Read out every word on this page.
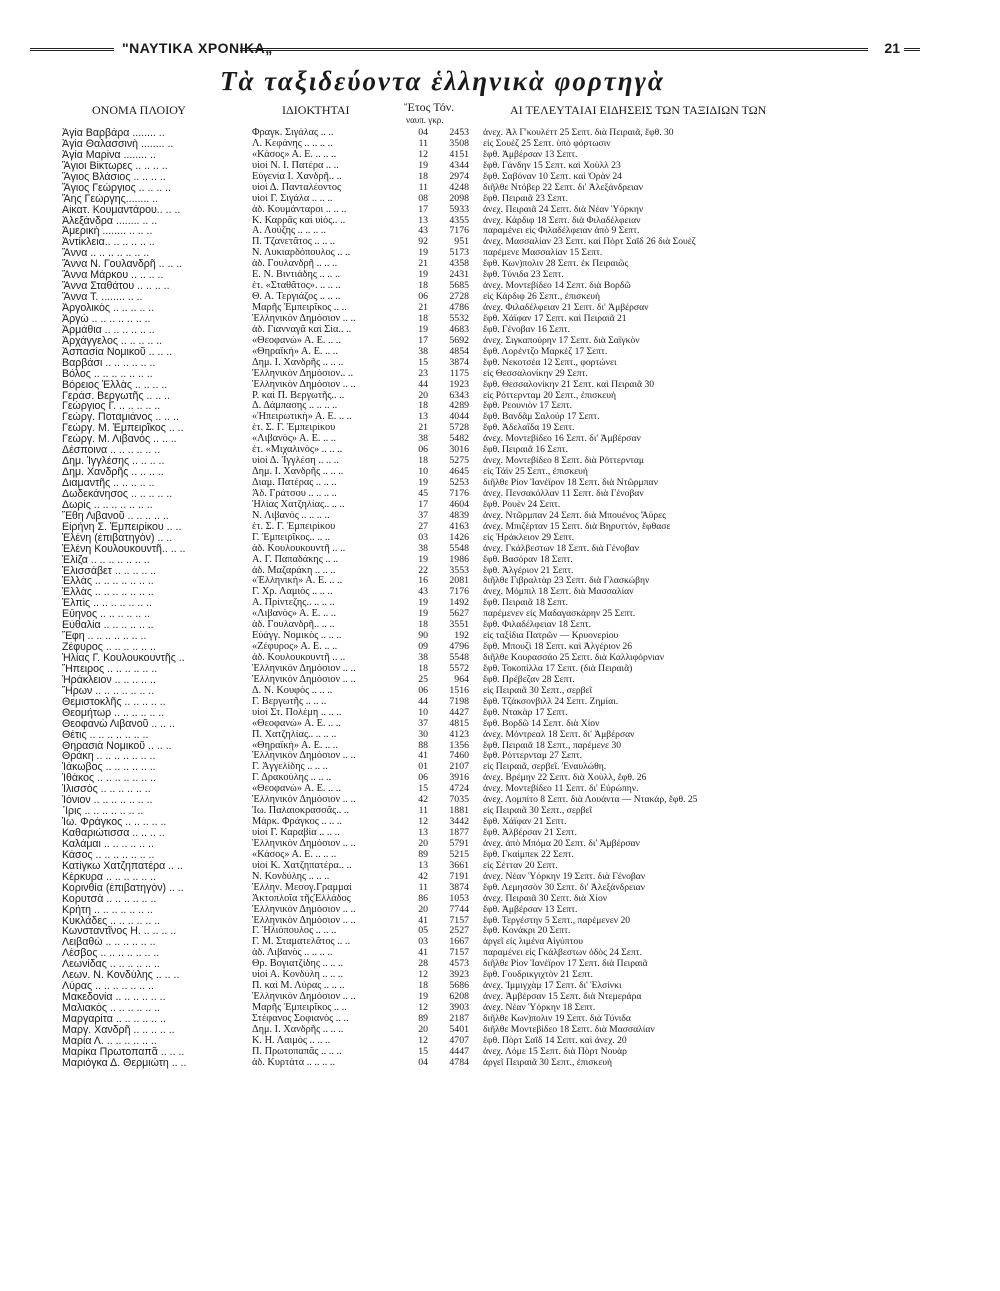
"ΝΑΥΤΙΚΑ ΧΡΟΝΙΚΑ„	21
Τὰ ταξιδεύοντα ἑλληνικὰ φορτηγὰ
ΟΝΟΜΑ ΠΛΟΙΟΥ	ΙΔΙΟΚΤΗΤΑΙ	Ἔτος Τόν.
ναυπ. γκρ.
ΑΙ ΤΕΛΕΥΤΑΙΑΙ ΕΙΔΗΣΕΙΣ ΤΩΝ ΤΑΞΙΔΙΩΝ ΤΩΝ
Ἁγία Βαρβάρα ........ ..	Φραγκ. Σιγάλας .. ..	04	2453 ἀνεχ. Ἀλ Γ'κουλέττ 25 Σεπτ. διὰ Πειραιᾶ, ἔφθ. 30
Ἁγία Θαλασσινὴ ........ ..	Λ. Κεφάνης .. .. .. ..	11	3508 εἰς Σουὲζ 25 Σεπτ. ὑπὸ φόρτωσιν
Ἁγία Μαρίνα ........ ..	«Κάσος» Α. Ε. .. .. ..	12	4151 ἔφθ. Ἀμβέρσαν 13 Σεπτ.
Ἅγιοι Βίκτωρες .. .. .. ..	υἱοὶ Ν. Ι. Πατέρα .. ..	19	4344 ἔφθ. Γάνδην 15 Σεπτ. καὶ Χοὺλλ 23
Ἅγιος Βλάσιος .. .. .. ..	Εὐγενία Ι. Χανδρῆ.. ..	18	2974 ἔφθ. Σαβόναν 10 Σεπτ. καὶ Ὀρὰν 24
Ἅγιος Γεώργιος .. .. .. ..	υἱοὶ Δ. Πανταλέοντος	11	4248 διῆλθε Ντόβερ 22 Σεπτ. δι' Ἀλεξάνδρειαν
Ἅης Γεώργης........ ..	υἱοὶ Γ. Σιγάλα .. .. ..	08	2098 ἔφθ. Πειραιᾶ 23 Σεπτ.
Αἰκατ. Κουμαντάρου.. .. ..	ἀδ. Κουμάνταροι .. .. ..	17	5933 ἀνεχ. Πειραιᾶ 24 Σεπτ. διὰ Νέαν Ὑόρκην
Ἀλεξάνδρα ........ .. ..	Κ. Καρρᾶς καὶ υἱὸς.. ..	13	4355 ἀνεχ. Κάρδιφ 18 Σεπτ. διὰ Φιλαδέλφειαν
Ἀμερικὴ ........ .. .. ..	Α. Λούζης .. .. .. ..	43	7176 παραμένει εἰς Φιλαδέλφειαν ἀπὸ 9 Σεπτ.
Ἀντίκλεια.. .. .. .. .. ..	Π. Τζανετᾶτος .. .. ..	92	951 ἀνεχ. Μασσαλίαν 23 Σεπτ. καὶ Πὸρτ Σαῒδ 26 διὰ Σουὲζ
Ἄννα .. .. .. .. .. .. ..	Ν. Λυκιαρδόπουλος .. ..	19	5173 παρέμενε Μασσαλίαν 15 Σεπτ.
Ἄννα Ν. Γουλανδρῆ .. .. ..	ἀδ. Γουλανδρῆ .. .. ..	21	4358 ἔφθ. Κων)πολιν 28 Σεπτ. ἐκ Πειραιῶς
Ἄννα Μάρκου .. .. .. ..	Ε. Ν. Βιντιάδης .. .. ..	19	2431 ἔφθ. Τύνιδα 23 Σεπτ.
Ἄννα Σταθάτου .. .. .. ..	ἑτ. «Σταθᾶτος». .. .. ..	18	5685 ἀνεχ. Μοντεβίδεο 14 Σεπτ. διὰ Βορδῶ
Ἄννα Τ. ........ .. ..	Θ. Α. Τεργιάζος .. .. ..	06	2728 εἰς Κάρδιφ 26 Σεπτ., ἐπισκευὴ
Ἀργολικὸς .. .. .. .. ..	Μαρῆς Ἐμπειρῖκος .. ..	21	4786 ἀνεχ. Φιλαδέλφειαν 21 Σεπτ. δι' Ἀμβέρσαν
Ἀργὼ .. .. .. .. .. .. ..	Ἑλληνικὸν Δημόσιον .. ..	18	5532 ἔφθ. Χάϊφαν 17 Σεπτ. καὶ Πειραιᾶ 21
Ἁρμάθια .. .. .. .. .. ..	ἀδ. Γιανναγᾶ καὶ Σία.. ..	19	4683 ἔφθ. Γένοβαν 16 Σεπτ.
Ἀρχάγγελος .. .. .. .. ..	«Θεοφανὼ» Α. Ε. .. ..	17	5692 ἀνεχ. Σιγκαπούρην 17 Σεπτ. διὰ Σαϊγκὸν
Ἀσπασία Νομικοῦ .. .. ..	«Θηραϊκὴ» Α. Ε. .. ..	38	4854 ἔφθ. Λορέντζο Μαρκὲζ 17 Σεπτ.
Βαρβάσι .. .. .. .. .. ..	Δημ. Ι. Χανδρῆς .. .. ..	15	3874 ἔφθ. Νεκοτσέα 12 Σεπτ., φορτώνει
Βόλος .. .. .. .. .. .. ..	Ἑλληνικὸν Δημόσιον.. ..	23	1175 εἰς Θεσσαλονίκην 29 Σεπτ.
Βόρειος Ἑλλὰς .. .. .. ..	Ἑλληνικὸν Δημόσιον .. ..	44	1923 ἔφθ. Θεσσαλονίκην 21 Σεπτ. καὶ Πειραιᾶ 30
Γεράσ. Βεργωτῆς .. .. ..	Ρ. καὶ Π. Βεργωτῆς.. ..	20	6343 εἰς Ρόττερνταμ 20 Σεπτ., ἐπισκευὴ
Γεώργιος Γ. .. .. .. .. ..	Δ. Δάμπασης .. .. .. ..	18	4289 ἔφθ. Ρεουνιὸν 17 Σεπτ.
Γεώργ. Ποταμιάνος .. .. ..	«Ἠπειρωτικὴ» Α. Ε. .. ..	13	4044 ἔφθ. Βανδᾶμ Σαλούρ 17 Σεπτ.
Γεώργ. Μ. Ἐμπειρῖκος .. ..	ἑτ. Σ. Γ. Ἐμπειρίκου	21	5728 ἔφθ. Ἀδελαΐδα 19 Σεπτ.
Γεώργ. Μ. Λιβανὸς .. .. ..	«Λιβανὸς» Α. Ε. .. ..	38	5482 ἀνεχ. Μοντεβίδεο 16 Σεπτ. δι' Ἀμβέρσαν
Δέσποινα .. .. .. .. .. ..	ἑτ. «Μιχαλινὸς» .. .. ..	06	3016 ἔφθ. Πειραιᾶ 16 Σεπτ.
Δημ. Ἰγγλέσης .. .. .. ..	υἱοὶ Δ. Ἰγγλέση .. .. ..	18	5275 ἀνεχ. Μοντεβίδεο 8 Σεπτ. διὰ Ρόττερνταμ
Δημ. Χανδρῆς .. .. .. ..	Δημ. Ι. Χανδρῆς .. .. ..	10	4645 εἰς Τάϊν 25 Σεπτ., ἐπισκευὴ
Διαμαντῆς .. .. .. .. ..	Διαμ. Πατέρας .. .. ..	19	5253 διῆλθε Ρίον Ἰανέϊρον 18 Σεπτ. διὰ Ντῶρμπαν
Δωδεκάνησος .. .. .. .. ..	Ἀδ. Γράτσου .. .. .. ..	45	7176 ἀνεχ. Πενσακόλλαν 11 Σεπτ. διὰ Γένοβαν
Δωρὶς .. .. .. .. .. .. ..	Ἠλίας Χατζηλίας.. .. ..	17	4604 ἔφθ. Ρουὲν 24 Σεπτ.
Ἔθη Λιβανοῦ .. .. .. .. ..	Ν. Λιβανὸς .. .. .. ..	37	4839 ἀνεχ. Ντῶρμπαν 24 Σεπτ. διὰ Μπουένος Ἄϋρες
Εἰρήνη Σ. Ἐμπειρίκου .. ..	ἑτ. Σ. Γ. Ἐμπειρίκου	27	4163 ἀνεχ. Μπιζέρταν 15 Σεπτ. διὰ Βηρυττόν, ἔφθασε
Ἑλένη (ἐπιβατηγὸν) .. ..	Γ. Ἐμπειρῖκος.. .. ..	03	1426 εἰς Ἡράκλειον 29 Σεπτ.
Ἑλένη Κουλουκουντῆ.. .. ..	ἀδ. Κουλουκουντῆ .. ..	38	5548 ἀνεχ. Γκάλβεστων 18 Σεπτ. διὰ Γένοβαν
Ἑλίζα .. .. .. .. .. .. ..	Α. Γ. Παπαδάκης .. ..	19	1986 ἔφθ. Βασόραν 18 Σεπτ.
Ἑλισσάβετ .. .. .. .. ..	ἀδ. Μαζαράκη .. .. ..	22	3553 ἔφθ. Ἀλγέριον 21 Σεπτ.
Ἑλλὰς .. .. .. .. .. .. ..	«Ἑλληνικὴ» Α. Ε. .. ..	16	2081 διῆλθε Γιβραλτὰρ 23 Σεπτ. διὰ Γλασκώβην
Ἑλλὰς .. .. .. .. .. .. ..	Γ. Χρ. Λαμιὸς .. .. ..	43	7176 ἀνεχ. Μόμπιλ 18 Σεπτ. διὰ Μασσαλίαν
Ἐλπὶς .. .. .. .. .. .. ..	Α. Πρίντεζης.. .. .. ..	19	1492 ἔφθ. Πειραιᾶ 18 Σεπτ.
Εὔηνος .. .. .. .. .. ..	«Λιβανὸς» Α. Ε. .. ..	19	5627 παρέμενεν εἰς Μαδαγασκάρην 25 Σεπτ.
Εὐθαλία .. .. .. .. .. ..	ἀδ. Γουλανδρῆ.. .. ..	18	3551 ἔφθ. Φιλαδέλφειαν 18 Σεπτ.
Ἔφη .. .. .. .. .. .. ..	Εὐάγγ. Νομικὸς .. .. ..	90	192 εἰς ταξίδια Πατρῶν — Κρυονερίου
Ζέφυρος .. .. .. .. .. ..	«Ζέφυρος» Α. Ε. .. ..	09	4796 ἔφθ. Μπουζὶ 18 Σεπτ. καὶ Ἀλγέριον 26
Ἡλίας Γ. Κουλουκουντῆς ..	ἀδ. Κουλουκουντῆ .. ..	38	5548 διῆλθε Κουρασσάο 25 Σεπτ. διὰ Καλλιφόρνιαν
Ἤπειρος .. .. .. .. .. ..	Ἑλληνικὸν Δημόσιον .. ..	18	5572 ἔφθ. Τοκοπίλλα 17 Σεπτ. (διὰ Πειραιᾶ)
Ἡράκλειον .. .. .. .. ..	Ἑλληνικὸν Δημόσιον .. ..	25	964 ἔφθ. Πρέβεζαν 28 Σεπτ.
Ἥρων .. .. .. .. .. .. ..	Δ. Ν. Κουφὸς .. .. ..	06	1516 εἰς Πειραιᾶ 30 Σεπτ., σερβεῖ
Θεμιστοκλῆς .. .. .. .. ..	Γ. Βεργωτῆς .. .. ..	44	7198 ἔφθ. Τζάκσονβιλλ 24 Σεπτ. Ζημίαι.
Θεομήτωρ .. .. .. .. .. ..	υἱοὶ Στ. Πολέμη .. .. ..	10	4427 ἔφθ. Ντακὰρ 17 Σεπτ.
Θεοφανὼ Λιβανοῦ .. .. ..	«Θεοφανὼ» Α. Ε. .. ..	37	4815 ἔφθ. Βορδῶ 14 Σεπτ. διὰ Χίον
Θέτις .. .. .. .. .. .. ..	Π. Χατζηλίας.. .. .. ..	30	4123 ἀνεχ. Μόντρεαλ 18 Σεπτ. δι' Ἀμβέρσαν
Θηρασιὰ Νομικοῦ .. .. ..	«Θηραϊκὴ» Α. Ε. .. ..	88	1356 ἔφθ. Πειραιᾶ 18 Σεπτ., παρέμενε 30
Θράκη .. .. .. .. .. .. ..	Ἑλληνικὸν Δημόσιον .. ..	41	7460 ἔφθ. Ρόττερνταμ 27 Σεπτ.
Ἰάκωβος .. .. .. .. .. ..	Γ. Ἀγγελίδης .. .. ..	01	2107 εἰς Πειραιᾶ, σερβεῖ. Ἐναυλώθη.
Ἰθάκος .. .. .. .. .. .. ..	Γ. Δρακούλης .. .. ..	06	3916 ἀνεχ. Βρέμην 22 Σεπτ. διὰ Χοὺλλ, ἔφθ. 26
Ἰλισσὸς .. .. .. .. .. ..	«Θεοφανὼ» Α. Ε. .. ..	15	4724 ἀνεχ. Μοντεβίδεο 11 Σεπτ. δι' Εὐρώπην.
Ἰόνιον .. .. .. .. .. .. ..	Ἑλληνικὸν Δημόσιον .. ..	42	7035 ἀνεχ. Λομπίτο 8 Σεπτ. διὰ Λουάντα — Ντακάρ, ἔφθ. 25
Ἶρις .. .. .. .. .. .. ..	Ἰω. Παλαιοκρασσᾶς.. ..	11	1881 εἰς Πειραιᾶ 30 Σεπτ., σερβεῖ
Ἰω. Φράγκος .. .. .. .. ..	Μάρκ. Φράγκος .. .. ..	12	3442 ἔφθ. Χάϊφαν 21 Σεπτ.
Καθαριώτισσα .. .. .. ..	υἱοὶ Γ. Καραβία .. .. ..	13	1877 ἔφθ. Ἀλβέρσαν 21 Σεπτ.
Καλάμαι .. .. .. .. .. ..	Ἑλληνικὸν Δημόσιον .. ..	20	5791 ἀνεχ. ἀπὸ Μπόμα 20 Σεπτ. δι' Ἀμβέρσαν
Κάσος .. .. .. .. .. .. ..	«Κάσος» Α. Ε. .. .. ..	89	5215 ἔφθ. Γκαίμπεκ 22 Σεπτ.
Κατίγκω Χατζηπατέρα .. ..	υἱοὶ Κ. Χατζηπατέρα.. ..	13	3661 εἰς Σέτταν 20 Σεπτ.
Κέρκυρα .. .. .. .. .. ..	Ν. Κονδύλης .. .. ..	42	7191 ἀνεχ. Νέαν Ὑόρκην 19 Σεπτ. διὰ Γένοβαν
Κορινθία (ἐπιβατηγὸν) .. ..	Ἑλλην. Μεσογ.Γραμμαὶ	11	3874 ἔφθ. Λεμησσὸν 30 Σεπτ. δι' Ἀλεξάνδρειαν
Κορυτσὰ .. .. .. .. .. ..	Ἀκτοπλοΐα τῆςἙλλάδος	86	1053 ἀνεχ. Πειραιᾶ 30 Σεπτ. διὰ Χίον
Κρήτη .. .. .. .. .. .. ..	Ἑλληνικὸν Δημόσιον .. ..	20	7744 ἔφθ. Ἀμβέρσαν 13 Σεπτ.
Κυκλάδες .. .. .. .. .. ..	Ἑλληνικὸν Δημόσιον .. ..	41	7157 ἔφθ. Τεργέστην 5 Σεπτ., παρέμενεν 20
Κωνσταντῖνος Η. .. .. .. ..	Γ. Ἠλιόπουλος .. .. ..	05	2527 ἔφθ. Κονάκρι 20 Σεπτ.
Λειβαθὼ .. .. .. .. .. ..	Γ. Μ. Σταματελᾶτος .. ..	03	1667 ἀργεῖ εἰς λιμένα Αἰγύπτου
Λέσβος .. .. .. .. .. .. ..	ἀδ. Λιβανὸς .. .. .. ..	41	7157 παραμένει εἰς Γκάλβεστων ὁδὸς 24 Σεπτ.
Λεωνίδας .. .. .. .. .. ..	Θρ. Βογιατζίδης .. .. ..	28	4573 διῆλθε Ρίον Ἰανέϊρον 17 Σεπτ. διὰ Πειραιᾶ
Λεων. Ν. Κονδύλης .. .. ..	υἱοὶ Α. Κονδύλη .. .. ..	12	3923 ἔφθ. Γουδρικγιχτὸν 21 Σεπτ.
Λύρας .. .. .. .. .. .. ..	Π. καὶ Μ. Λύρας .. .. ..	18	5686 ἀνεχ. Ἰμμιγχὰμ 17 Σεπτ. δι' Ἑλσίνκι
Μακεδονία .. .. .. .. .. ..	Ἑλληνικὸν Δημόσιον .. ..	19	6208 ἀνεχ. Ἀμβέρσαν 15 Σεπτ. διὰ Ντεμεράρα
Μαλιακὸς .. .. .. .. .. ..	Μαρῆς Ἐμπειρῖκος .. ..	12	3903 ἀνεχ. Νέαν Ὑόρκην 18 Σεπτ.
Μαργαρίτα .. .. .. .. .. ..	Στέφανος Σοφιανὸς .. ..	89	2187 διῆλθε Κων)πολιν 19 Σεπτ. διὰ Τύνιδα
Μαργ. Χανδρῆ .. .. .. .. ..	Δημ. Ι. Χανδρῆς .. .. ..	20	5401 διῆλθε Μοντεβίδεο 18 Σεπτ. διὰ Μασσαλίαν
Μαρία Λ. .. .. .. .. .. ..	Κ. Η. Λαιμὸς .. .. ..	12	4707 ἔφθ. Πὸρτ Σαῒδ 14 Σεπτ. καὶ ἀνεχ. 20
Μαρίκα Πρωτοπαπᾶ .. .. ..	Π. Πρωτοπαπᾶς .. .. ..	15	4447 ἀνεχ. Λόμε 15 Σεπτ. διὰ Πὸρτ Νουὰρ
Μαριόγκα Δ. Θερμιώτη .. ..	ἀδ. Κυρτάτα .. .. .. ..	04	4784 ἀργεῖ Πειραιᾶ 30 Σεπτ., ἐπισκευὴ
